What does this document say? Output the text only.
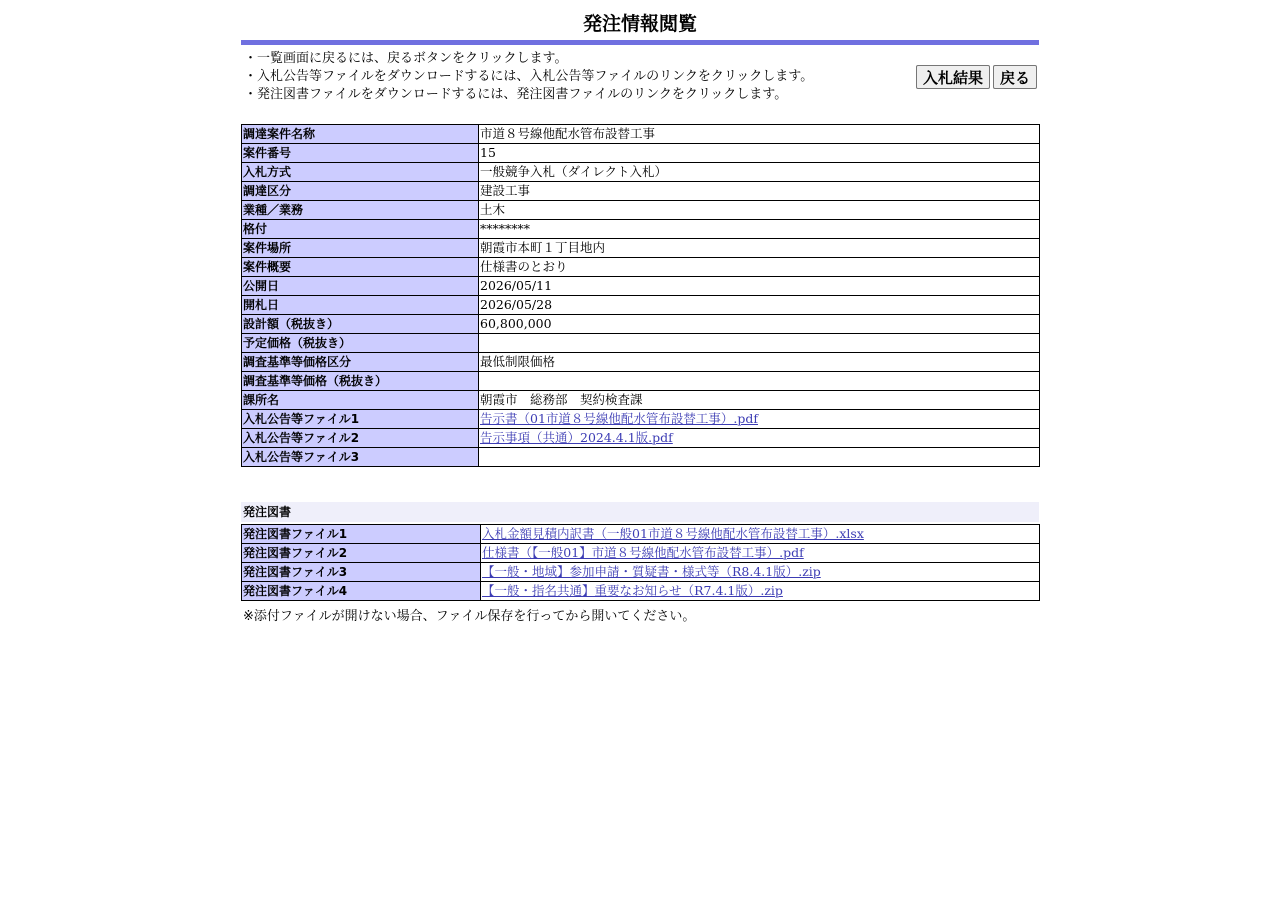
発注情報閲覧
・一覧画面に戻るには、戻るボタンをクリックします。
・入札公告等ファイルをダウンロードするには、入札公告等ファイルのリンクをクリックします。
・発注図書ファイルをダウンロードするには、発注図書ファイルのリンクをクリックします。
入札結果	戻る
調達案件名称	市道８号線他配水管布設替工事
案件番号	15
入札方式	一般競争入札（ダイレクト入札）
調達区分	建設工事
業種／業務	土木
格付	********
案件場所	朝霞市本町１丁目地内
案件概要	仕様書のとおり
公開日	2026/05/11
開札日	2026/05/28
設計額（税抜き）	60,800,000
予定価格（税抜き）	
調査基準等価格区分	最低制限価格
調査基準等価格（税抜き）	
課所名	朝霞市　総務部　契約検査課
入札公告等ファイル1	告示書（01市道８号線他配水管布設替工事）.pdf
入札公告等ファイル2	告示事項（共通）2024.4.1版.pdf
入札公告等ファイル3	
発注図書
発注図書ファイル1	入札金額見積内訳書（一般01市道８号線他配水管布設替工事）.xlsx
発注図書ファイル2	仕様書（【一般01】市道８号線他配水管布設替工事）.pdf
発注図書ファイル3	【一般・地域】参加申請・質疑書・様式等（R8.4.1版）.zip
発注図書ファイル4	【一般・指名共通】重要なお知らせ（R7.4.1版）.zip
※添付ファイルが開けない場合、ファイル保存を行ってから開いてください。
